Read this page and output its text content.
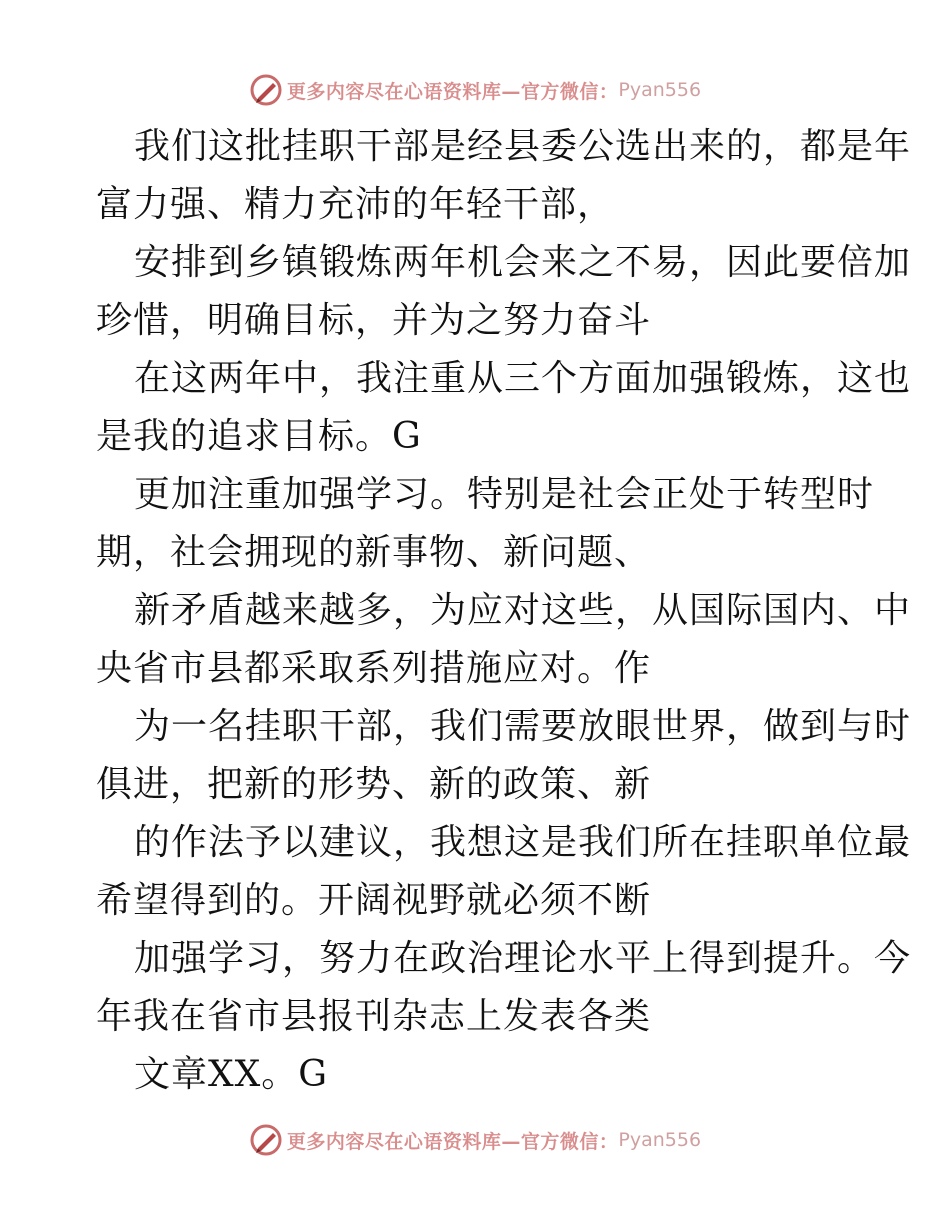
更多内容尽在心语资料库—官方微信： Pyan556
我们这批挂职干部是经县委公选出来的，都是年
富力强、精力充沛的年轻干部，
安排到乡镇锻炼两年机会来之不易，因此要倍加
珍惜，明确目标，并为之努力奋斗
在这两年中，我注重从三个方面加强锻炼，这也
是我的追求目标。G
更加注重加强学习。特别是社会正处于转型时
期，社会拥现的新事物、新问题、
新矛盾越来越多，为应对这些，从国际国内、中
央省市县都采取系列措施应对。作
为一名挂职干部，我们需要放眼世界，做到与时
俱进，把新的形势、新的政策、新
的作法予以建议，我想这是我们所在挂职单位最
希望得到的。开阔视野就必须不断
加强学习，努力在政治理论水平上得到提升。今
年我在省市县报刊杂志上发表各类
文章XX。G
更多内容尽在心语资料库—官方微信： Pyan556
